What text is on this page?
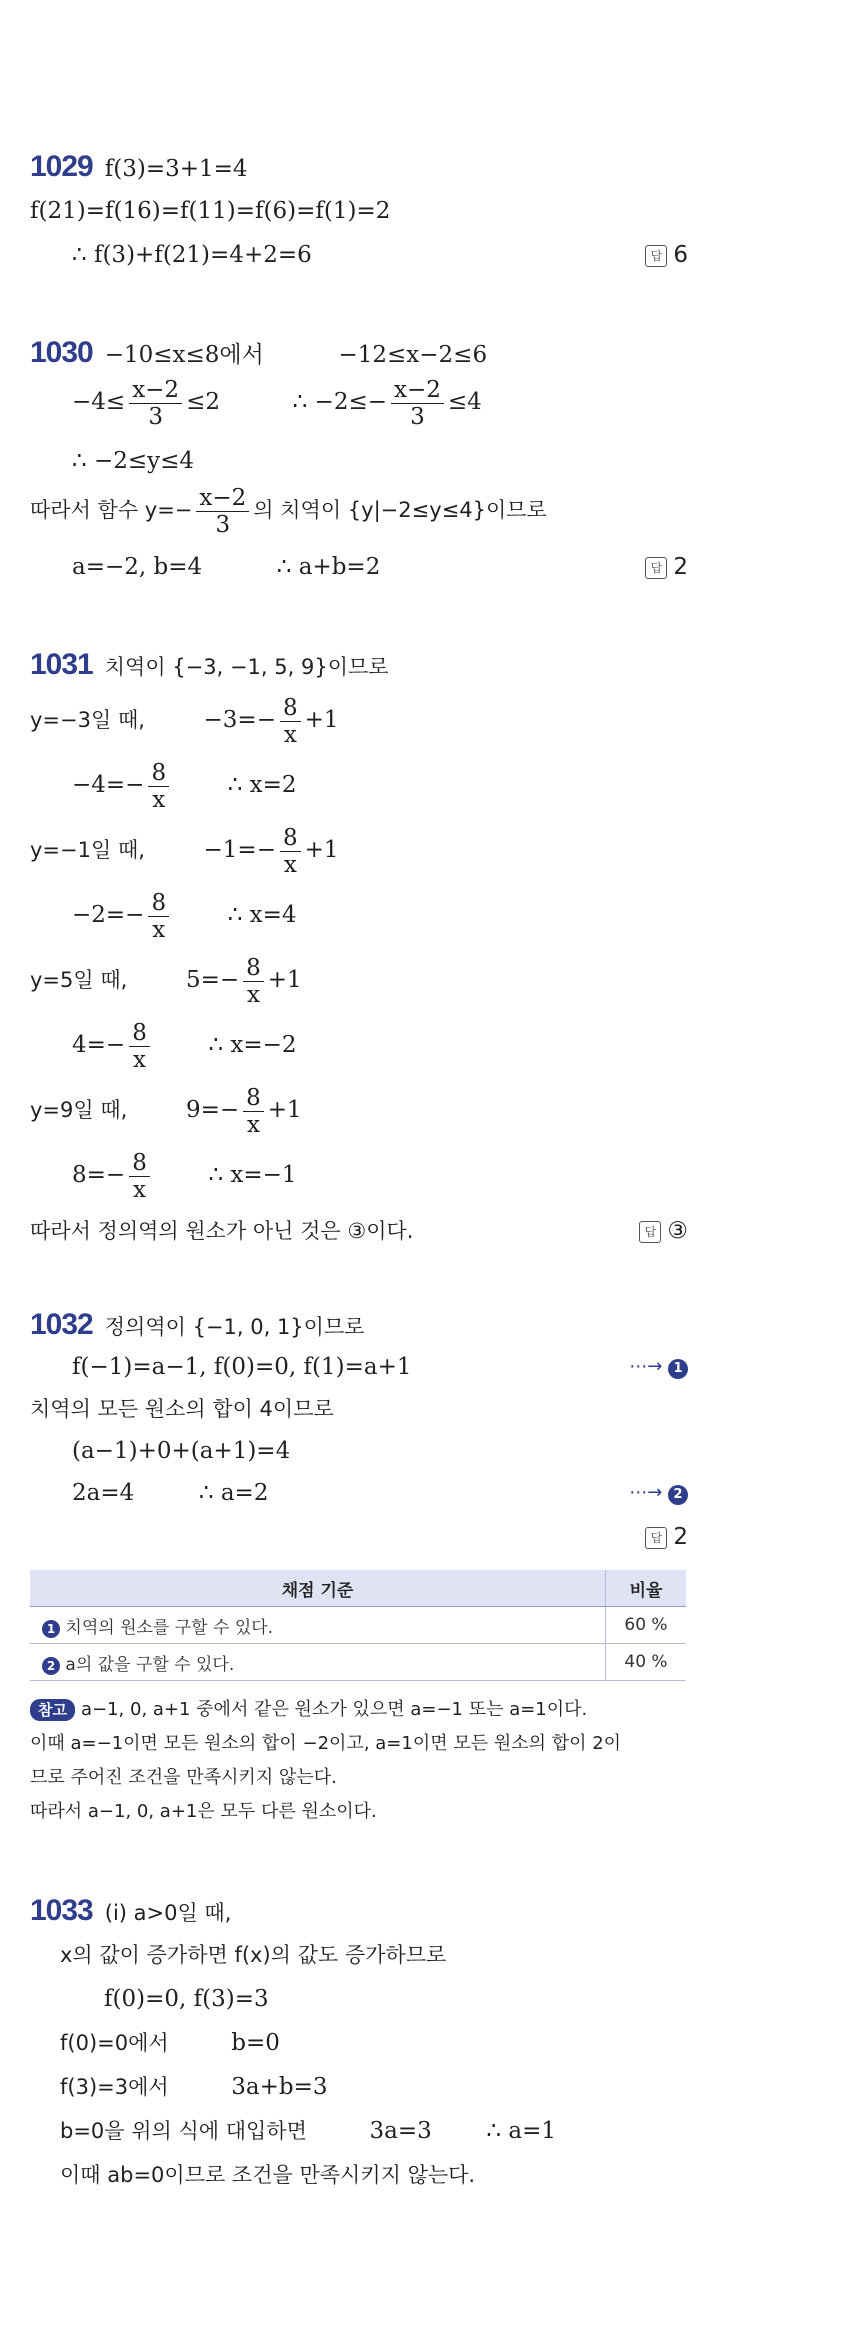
1029 f(3)=3+1=4
f(21)=f(16)=f(11)=f(6)=f(1)=2
∴ f(3)+f(21)=4+2=6	답 6
1030 −10≤x≤8에서	−12≤x−2≤6
$-4\le \frac{x-2}{3} \le 2$	∴ $-2\le- \frac{x-2}{3} \le 4$
∴ −2≤y≤4
따라서 함수 $y=- \frac{x-2}{3}$ 의 치역이 {y|−2≤y≤4}이므로
a=−2, b=4	∴ a+b=2	답 2
1031 치역이 {−3, −1, 5, 9}이므로
y=−3일 때,	$-3=- \frac{8}{x} +1$
$-4=- \frac{8}{x}$	∴ x=2
y=−1일 때,	$-1=- \frac{8}{x} +1$
$-2=- \frac{8}{x}$	∴ x=4
y=5일 때,	$5=- \frac{8}{x} +1$
$4=- \frac{8}{x}$	∴ x=−2
y=9일 때,	$9=- \frac{8}{x} +1$
$8=- \frac{8}{x}$	∴ x=−1
따라서 정의역의 원소가 아닌 것은 ③이다.	답 ③
1032 정의역이 {−1, 0, 1}이므로
f(−1)=a−1, f(0)=0, f(1)=a+1	⋯→ 1
치역의 모든 원소의 합이 4이므로
(a−1)+0+(a+1)=4
2a=4	∴ a=2	⋯→ 2
답 2
채점 기준	비율
1 치역의 원소를 구할 수 있다.	60 %
2 a의 값을 구할 수 있다.	40 %
참고 a−1, 0, a+1 중에서 같은 원소가 있으면 a=−1 또는 a=1이다.
이때 a=−1이면 모든 원소의 합이 −2이고, a=1이면 모든 원소의 합이 2이
므로 주어진 조건을 만족시키지 않는다.
따라서 a−1, 0, a+1은 모두 다른 원소이다.
1033 (i) a>0일 때,
x의 값이 증가하면 f(x)의 값도 증가하므로
f(0)=0, f(3)=3
f(0)=0에서	b=0
f(3)=3에서	3a+b=3
b=0을 위의 식에 대입하면	3a=3 ∴ a=1
이때 ab=0이므로 조건을 만족시키지 않는다.
